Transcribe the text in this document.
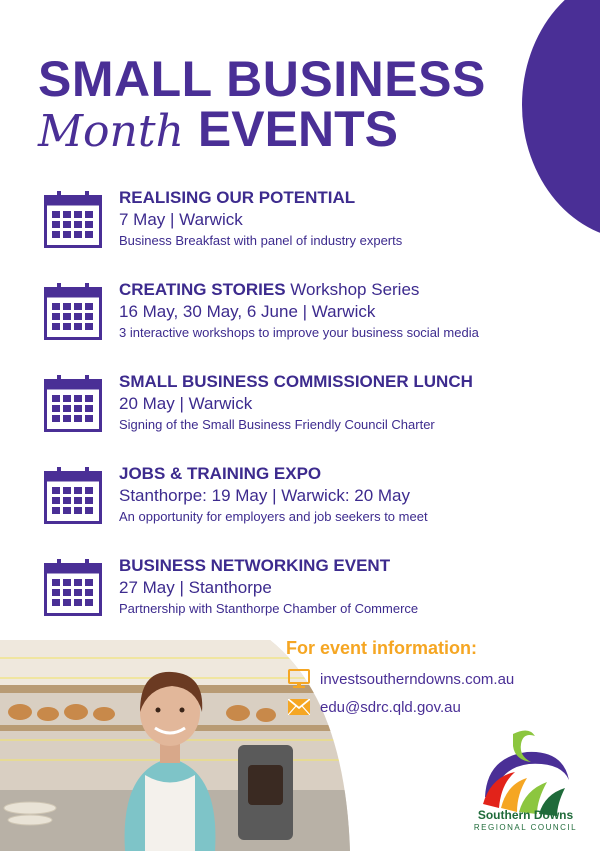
SMALL BUSINESS
Month EVENTS
REALISING OUR POTENTIAL
7 May | Warwick
Business Breakfast with panel of industry experts
CREATING STORIES Workshop Series
16 May, 30 May, 6 June | Warwick
3 interactive workshops to improve your business social media
SMALL BUSINESS COMMISSIONER LUNCH
20 May | Warwick
Signing of the Small Business Friendly Council Charter
JOBS & TRAINING EXPO
Stanthorpe: 19 May | Warwick: 20 May
An opportunity for employers and job seekers to meet
BUSINESS NETWORKING EVENT
27 May | Stanthorpe
Partnership with Stanthorpe Chamber of Commerce
For event information:
investsoutherndowns.com.au
edu@sdrc.qld.gov.au
Southern Downs
REGIONAL COUNCIL
